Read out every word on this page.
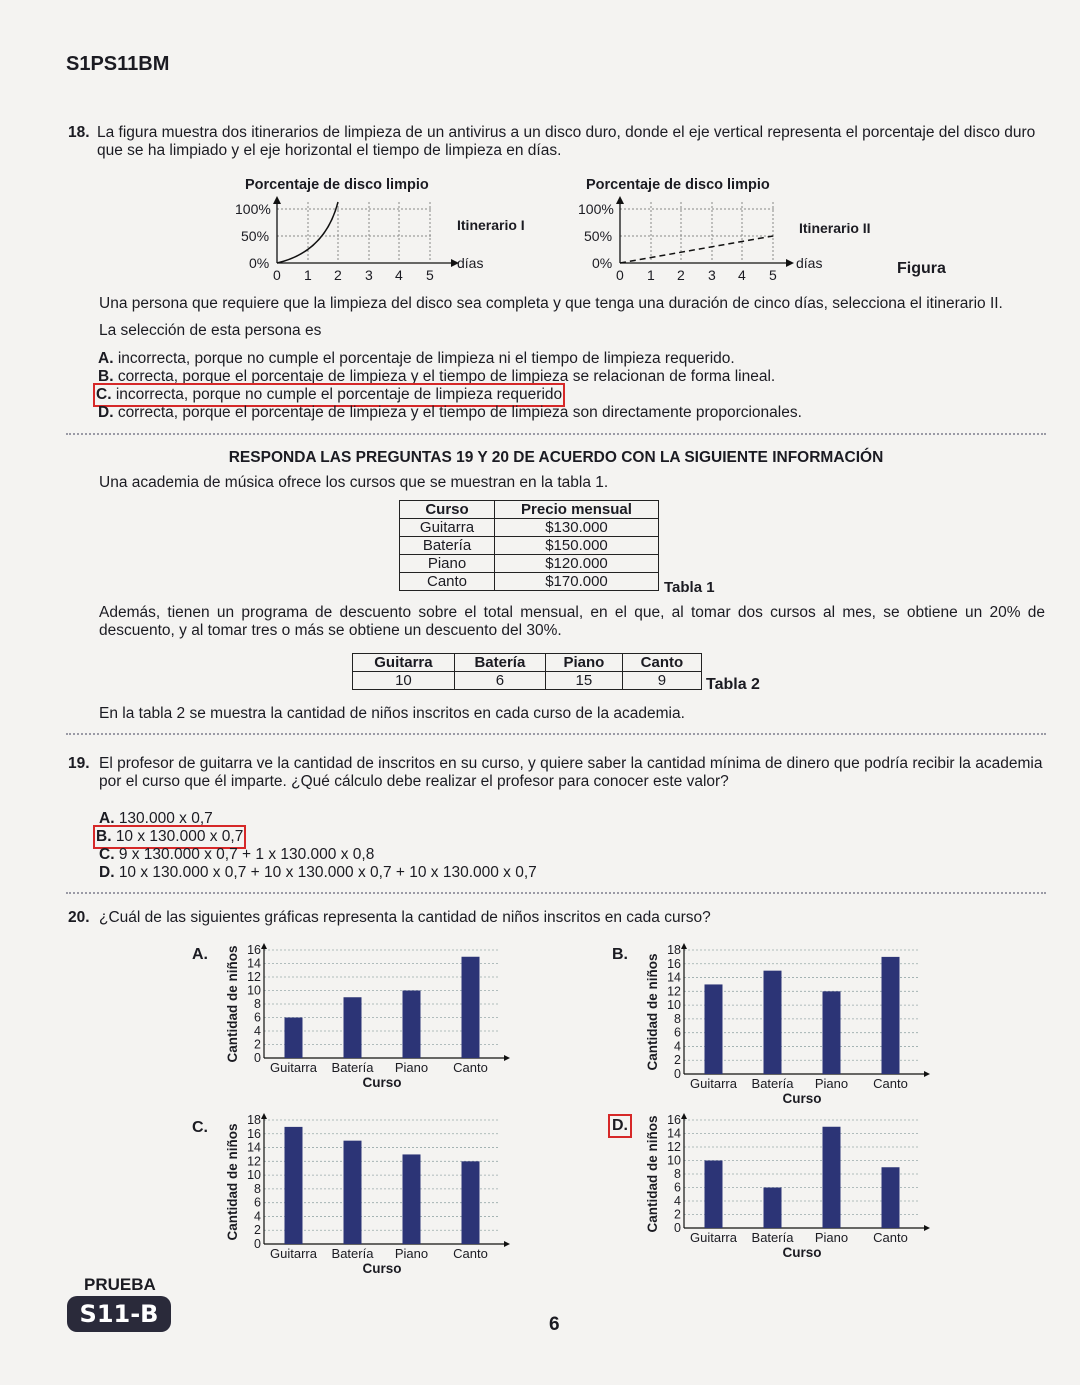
S1PS11BM
18. La figura muestra dos itinerarios de limpieza de un antivirus a un disco duro, donde el eje vertical representa el porcentaje del disco duro que se ha limpiado y el eje horizontal el tiempo de limpieza en días.
Porcentaje de disco limpio
100%
50%
0%
0 1 2 3 4 5
días
Itinerario I
Porcentaje de disco limpio
100%
50%
0%
0 1 2 3 4 5
días
Itinerario II
Figura
Una persona que requiere que la limpieza del disco sea completa y que tenga una duración de cinco días, selecciona el itinerario II.
La selección de esta persona es
A. incorrecta, porque no cumple el porcentaje de limpieza ni el tiempo de limpieza requerido.
B. correcta, porque el porcentaje de limpieza y el tiempo de limpieza se relacionan de forma lineal.
C. incorrecta, porque no cumple el porcentaje de limpieza requerido
D. correcta, porque el porcentaje de limpieza y el tiempo de limpieza son directamente proporcionales.
RESPONDA LAS PREGUNTAS 19 Y 20 DE ACUERDO CON LA SIGUIENTE INFORMACIÓN
Una academia de música ofrece los cursos que se muestran en la tabla 1.
Curso	Precio mensual
Guitarra	$130.000
Batería	$150.000
Piano	$120.000
Canto	$170.000	Tabla 1
Además, tienen un programa de descuento sobre el total mensual, en el que, al tomar dos cursos al mes, se obtiene un 20% de descuento, y al tomar tres o más se obtiene un descuento del 30%.
Guitarra	Batería	Piano	Canto
10	6	15	9 Tabla 2
En la tabla 2 se muestra la cantidad de niños inscritos en cada curso de la academia.
19. El profesor de guitarra ve la cantidad de inscritos en su curso, y quiere saber la cantidad mínima de dinero que podría recibir la academia por el curso que él imparte. ¿Qué cálculo debe realizar el profesor para conocer este valor?
A. 130.000 x 0,7
B. 10 x 130.000 x 0,7
C. 9 x 130.000 x 0,7 + 1 x 130.000 x 0,8
D. 10 x 130.000 x 0,7 + 10 x 130.000 x 0,7 + 10 x 130.000 x 0,7
20. ¿Cuál de las siguientes gráficas representa la cantidad de niños inscritos en cada curso?
A.	B.
C.	D.
0
2
4
6
8
10
12
14
16
Guitarra Batería Piano Canto
Curso
Cantidad de niños
0
2
4
6
8
10
12
14
16
18
Guitarra Batería Piano Canto
Curso
Cantidad de niños
0
2
4
6
8
10
12
14
16
18
Guitarra Batería Piano Canto
Curso
Cantidad de niños	0
2
4
6
8
10
12
14
16
Guitarra Batería Piano Canto
Curso
Cantidad de niños
PRUEBA
S11-B	6
